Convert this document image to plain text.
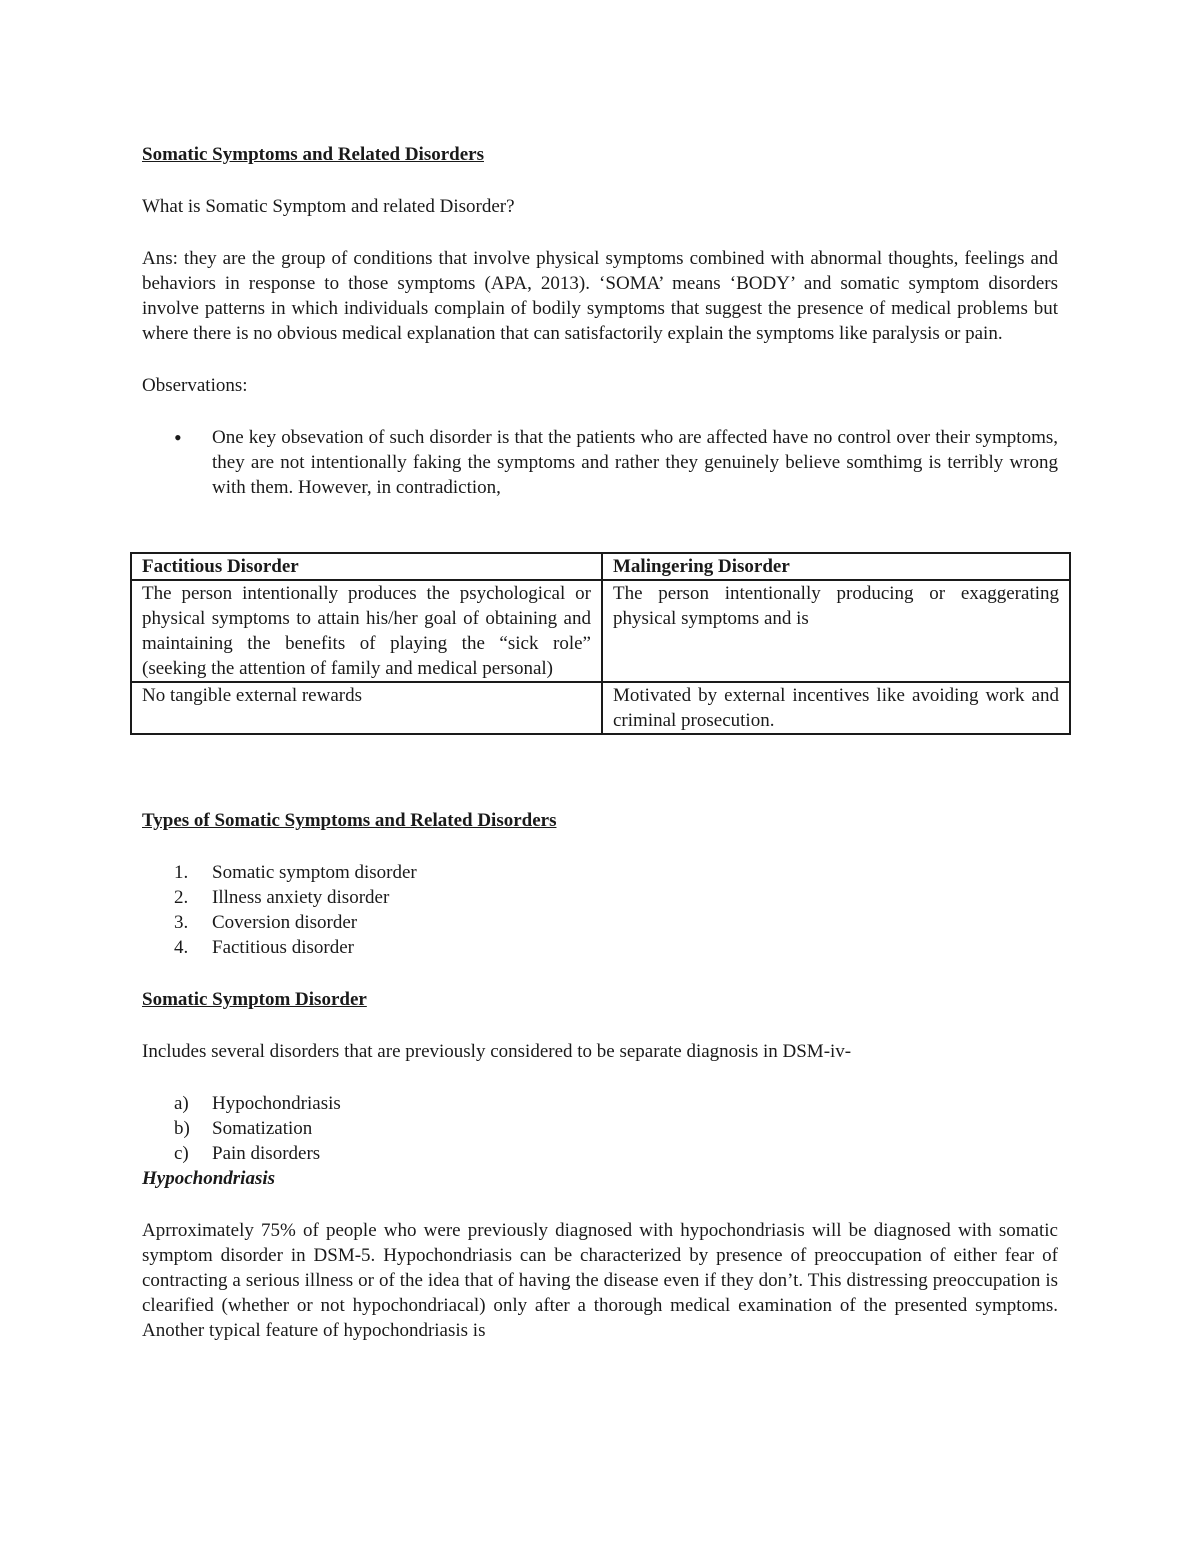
Somatic Symptoms and Related Disorders

What is Somatic Symptom and related Disorder?

Ans: they are the group of conditions that involve physical symptoms combined with abnormal thoughts, feelings and behaviors in response to those symptoms (APA, 2013). ‘SOMA’ means ‘BODY’ and somatic symptom disorders involve patterns in which individuals complain of bodily symptoms that suggest the presence of medical problems but where there is no obvious medical explanation that can satisfactorily explain the symptoms like paralysis or pain.

Observations:

• One key obsevation of such disorder is that the patients who are affected have no control over their symptoms, they are not intentionally faking the symptoms and rather they genuinely believe somthimg is terribly wrong with them. However, in contradiction,
Factitious Disorder	Malingering Disorder
The person intentionally produces the psychological or physical symptoms to attain his/her goal of obtaining and maintaining the benefits of playing the “sick role” (seeking the attention of family and medical personal)	The person intentionally producing or exaggerating physical symptoms and is
No tangible external rewards	Motivated by external incentives like avoiding work and criminal prosecution.

Types of Somatic Symptoms and Related Disorders

1. Somatic symptom disorder
2. Illness anxiety disorder
3. Coversion disorder
4. Factitious disorder

Somatic Symptom Disorder

Includes several disorders that are previously considered to be separate diagnosis in DSM-iv-

a) Hypochondriasis
b) Somatization
c) Pain disorders

Hypochondriasis

Aprroximately 75% of people who were previously diagnosed with hypochondriasis will be diagnosed with somatic symptom disorder in DSM-5. Hypochondriasis can be characterized by presence of preoccupation of either fear of contracting a serious illness or of the idea that of having the disease even if they don’t. This distressing preoccupation is clearified (whether or not hypochondriacal) only after a thorough medical examination of the presented symptoms. Another typical feature of hypochondriasis is
